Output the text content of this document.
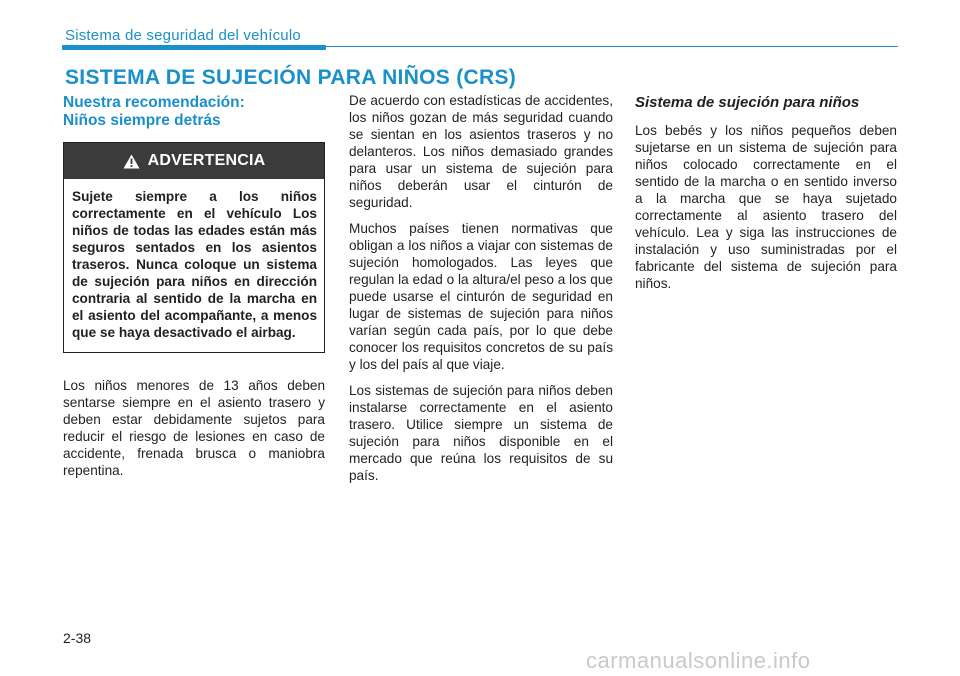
Sistema de seguridad del vehículo
SISTEMA DE SUJECIÓN PARA NIÑOS (CRS)
Nuestra recomendación:
Niños siempre detrás
ADVERTENCIA
Sujete siempre a los niños correctamente en el vehículo Los niños de todas las edades están más seguros sentados en los asientos traseros. Nunca coloque un sistema de sujeción para niños en dirección contraria al sentido de la marcha en el asiento del acompañante, a menos que se haya desactivado el airbag.

Los niños menores de 13 años deben sentarse siempre en el asiento trasero y deben estar debidamente sujetos para reducir el riesgo de lesiones en caso de accidente, frenada brusca o maniobra repentina.

De acuerdo con estadísticas de accidentes, los niños gozan de más seguridad cuando se sientan en los asientos traseros y no delanteros. Los niños demasiado grandes para usar un sistema de sujeción para niños deberán usar el cinturón de seguridad.

Muchos países tienen normativas que obligan a los niños a viajar con sistemas de sujeción homologados. Las leyes que regulan la edad o la altura/el peso a los que puede usarse el cinturón de seguridad en lugar de sistemas de sujeción para niños varían según cada país, por lo que debe conocer los requisitos concretos de su país y los del país al que viaje.

Los sistemas de sujeción para niños deben instalarse correctamente en el asiento trasero. Utilice siempre un sistema de sujeción para niños disponible en el mercado que reúna los requisitos de su país.

Sistema de sujeción para niños

Los bebés y los niños pequeños deben sujetarse en un sistema de sujeción para niños colocado correctamente en el sentido de la marcha o en sentido inverso a la marcha que se haya sujetado correctamente al asiento trasero del vehículo. Lea y siga las instrucciones de instalación y uso suministradas por el fabricante del sistema de sujeción para niños.

2-38
carmanualsonline.info
